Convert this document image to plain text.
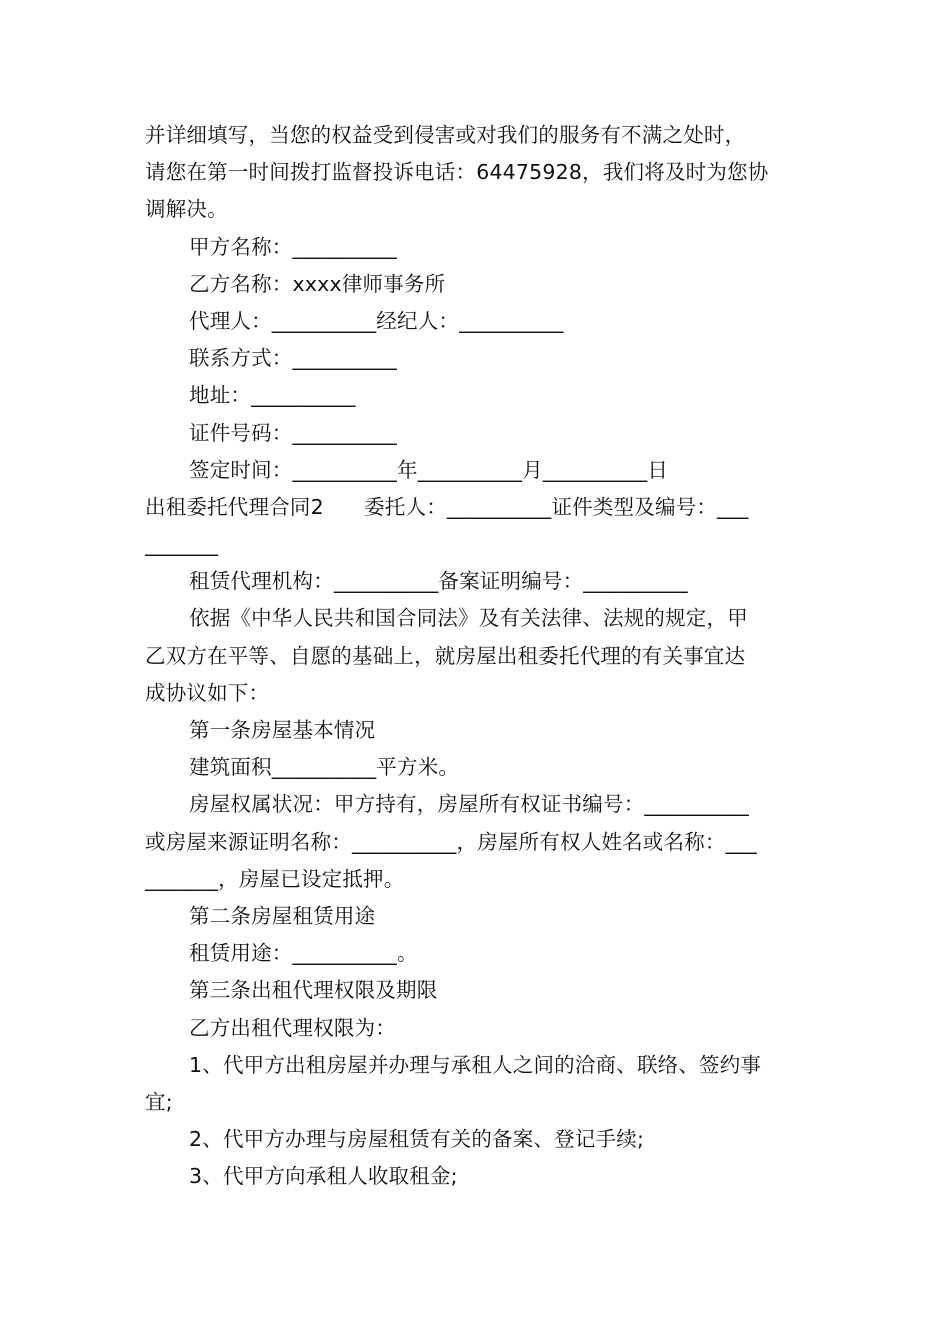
并详细填写，当您的权益受到侵害或对我们的服务有不满之处时，
请您在第一时间拨打监督投诉电话：64475928，我们将及时为您协
调解决。
甲方名称：__________
乙方名称：xxxx律师事务所
代理人：__________经纪人：__________
联系方式：__________
地址：__________
证件号码：__________
签定时间：__________年__________月__________日
出租委托代理合同2      委托人：__________证件类型及编号：___
_______
租赁代理机构：__________备案证明编号：__________
依据《中华人民共和国合同法》及有关法律、法规的规定，甲
乙双方在平等、自愿的基础上，就房屋出租委托代理的有关事宜达
成协议如下：
第一条房屋基本情况
建筑面积__________平方米。
房屋权属状况：甲方持有，房屋所有权证书编号：__________
或房屋来源证明名称：__________，房屋所有权人姓名或名称：___
_______，房屋已设定抵押。
第二条房屋租赁用途
租赁用途：__________。
第三条出租代理权限及期限
乙方出租代理权限为：
1、代甲方出租房屋并办理与承租人之间的洽商、联络、签约事
宜;
2、代甲方办理与房屋租赁有关的备案、登记手续;
3、代甲方向承租人收取租金;
